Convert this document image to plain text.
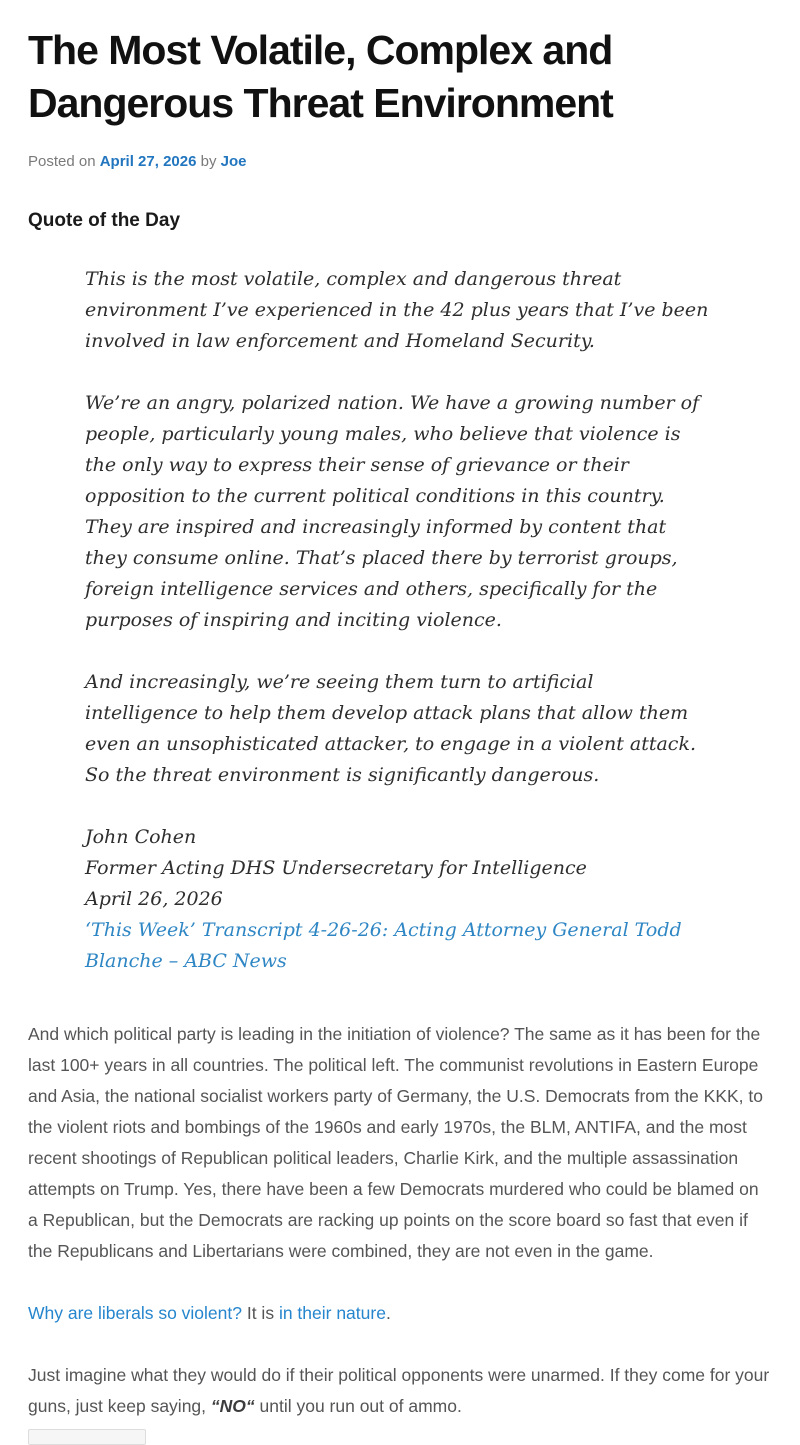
The Most Volatile, Complex and Dangerous Threat Environment

Posted on April 27, 2026 by Joe

Quote of the Day

This is the most volatile, complex and dangerous threat environment I’ve experienced in the 42 plus years that I’ve been involved in law enforcement and Homeland Security.

We’re an angry, polarized nation. We have a growing number of people, particularly young males, who believe that violence is the only way to express their sense of grievance or their opposition to the current political conditions in this country. They are inspired and increasingly informed by content that they consume online. That’s placed there by terrorist groups, foreign intelligence services and others, specifically for the purposes of inspiring and inciting violence.

And increasingly, we’re seeing them turn to artificial intelligence to help them develop attack plans that allow them even an unsophisticated attacker, to engage in a violent attack. So the threat environment is significantly dangerous.

John Cohen
Former Acting DHS Undersecretary for Intelligence
April 26, 2026
‘This Week’ Transcript 4-26-26: Acting Attorney General Todd Blanche – ABC News

And which political party is leading in the initiation of violence? The same as it has been for the last 100+ years in all countries. The political left. The communist revolutions in Eastern Europe and Asia, the national socialist workers party of Germany, the U.S. Democrats from the KKK, to the violent riots and bombings of the 1960s and early 1970s, the BLM, ANTIFA, and the most recent shootings of Republican political leaders, Charlie Kirk, and the multiple assassination attempts on Trump. Yes, there have been a few Democrats murdered who could be blamed on a Republican, but the Democrats are racking up points on the score board so fast that even if the Republicans and Libertarians were combined, they are not even in the game.

Why are liberals so violent? It is in their nature.

Just imagine what they would do if their political opponents were unarmed. If they come for your guns, just keep saying, “NO“ until you run out of ammo.
